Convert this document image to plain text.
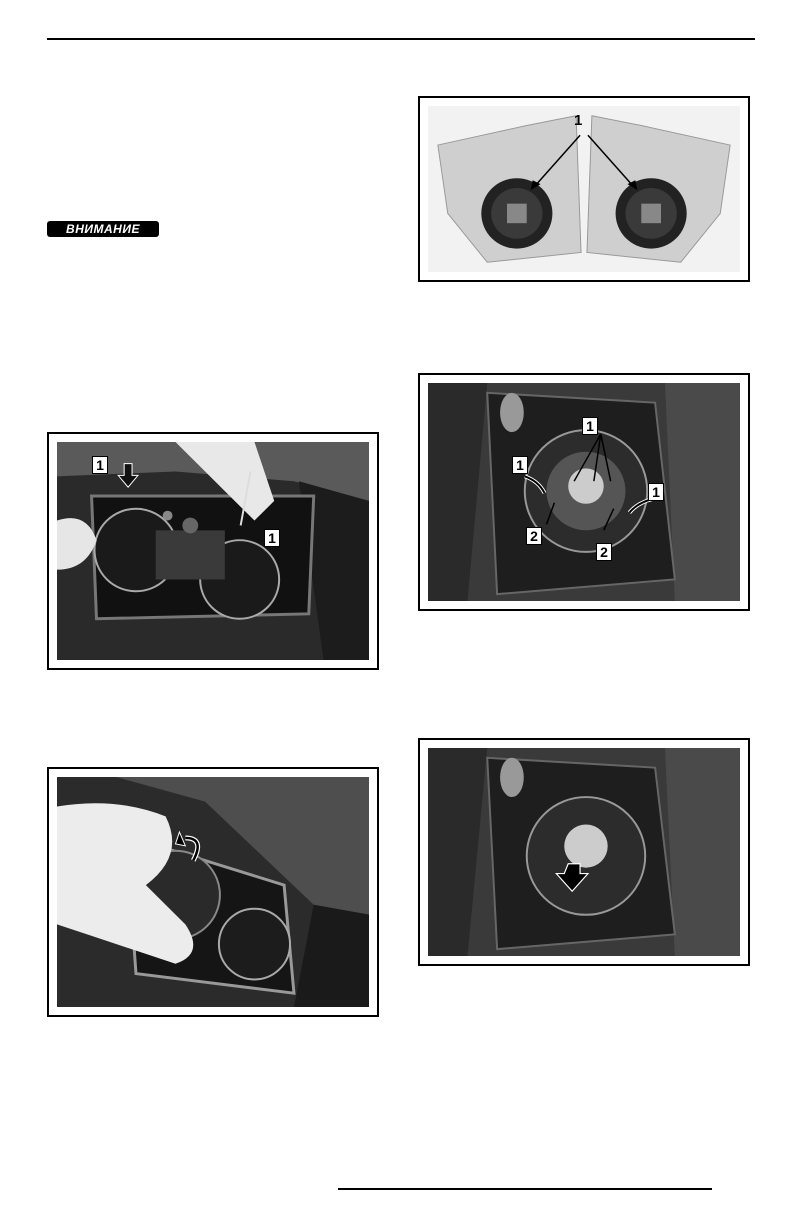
ВНИМАНИЕ
1
1
1
1
1
1
2
2
